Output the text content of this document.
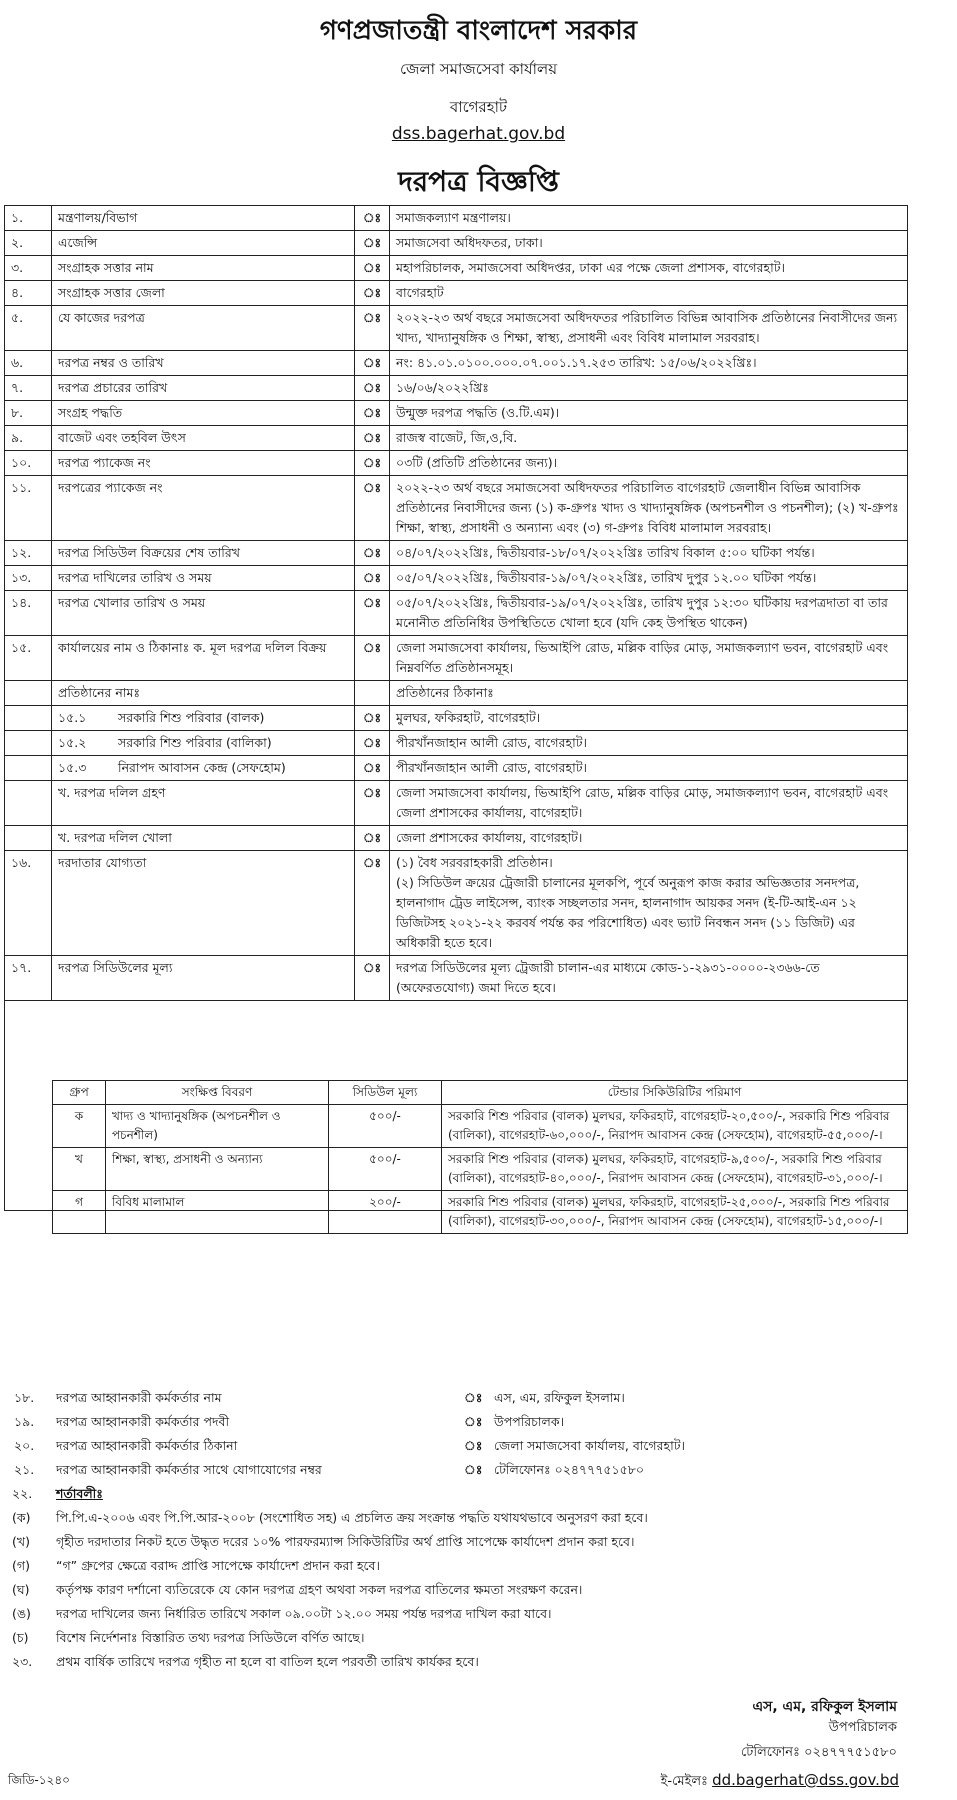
গণপ্রজাতন্ত্রী বাংলাদেশ সরকার
জেলা সমাজসেবা কার্যালয়
বাগেরহাট
dss.bagerhat.gov.bd
দরপত্র বিজ্ঞপ্তি
১.	মন্ত্রণালয়/বিভাগ	ঃ	সমাজকল্যাণ মন্ত্রণালয়।
২.	এজেন্সি	ঃ	সমাজসেবা অধিদফতর, ঢাকা।
৩.	সংগ্রাহক সত্তার নাম	ঃ	মহাপরিচালক, সমাজসেবা অধিদপ্তর, ঢাকা এর পক্ষে জেলা প্রশাসক, বাগেরহাট।
৪.	সংগ্রাহক সত্তার জেলা	ঃ	বাগেরহাট
৫.	যে কাজের দরপত্র	ঃ	২০২২-২৩ অর্থ বছরে সমাজসেবা অধিদফতর পরিচালিত বিভিন্ন আবাসিক প্রতিষ্ঠানের নিবাসীদের জন্য খাদ্য, খাদ্যানুষঙ্গিক ও শিক্ষা, স্বাস্থ্য, প্রসাধনী এবং বিবিধ মালামাল সরবরাহ।
৬.	দরপত্র নম্বর ও তারিখ	ঃ	নং: ৪১.০১.০১০০.০০০.০৭.০০১.১৭.২৫৩ তারিখ: ১৫/০৬/২০২২খ্রিঃ।
৭.	দরপত্র প্রচারের তারিখ	ঃ	১৬/০৬/২০২২খ্রিঃ
৮.	সংগ্রহ পদ্ধতি	ঃ	উন্মুক্ত দরপত্র পদ্ধতি (ও.টি.এম)।
৯.	বাজেট এবং তহবিল উৎস	ঃ	রাজস্ব বাজেট, জি,ও,বি.
১০.	দরপত্র প্যাকেজ নং	ঃ	০৩টি (প্রতিটি প্রতিষ্ঠানের জন্য)।
১১.	দরপত্রের প্যাকেজ নং	ঃ	২০২২-২৩ অর্থ বছরে সমাজসেবা অধিদফতর পরিচালিত বাগেরহাট জেলাধীন বিভিন্ন আবাসিক প্রতিষ্ঠানের নিবাসীদের জন্য (১) ক-গ্রুপঃ খাদ্য ও খাদ্যানুষঙ্গিক (অপচনশীল ও পচনশীল); (২) খ-গ্রুপঃ শিক্ষা, স্বাস্থ্য, প্রসাধনী ও অন্যান্য এবং (৩) গ-গ্রুপঃ বিবিধ মালামাল সরবরাহ।
১২.	দরপত্র সিডিউল বিক্রয়ের শেষ তারিখ	ঃ	০৪/০৭/২০২২খ্রিঃ, দ্বিতীয়বার-১৮/০৭/২০২২খ্রিঃ তারিখ বিকাল ৫:০০ ঘটিকা পর্যন্ত।
১৩.	দরপত্র দাখিলের তারিখ ও সময়	ঃ	০৫/০৭/২০২২খ্রিঃ, দ্বিতীয়বার-১৯/০৭/২০২২খ্রিঃ, তারিখ দুপুর ১২.০০ ঘটিকা পর্যন্ত।
১৪.	দরপত্র খোলার তারিখ ও সময়	ঃ	০৫/০৭/২০২২খ্রিঃ, দ্বিতীয়বার-১৯/০৭/২০২২খ্রিঃ, তারিখ দুপুর ১২:৩০ ঘটিকায় দরপত্রদাতা বা তার মনোনীত প্রতিনিধির উপস্থিতিতে খোলা হবে (যদি কেহ উপস্থিত থাকেন)
১৫.	কার্যালয়ের নাম ও ঠিকানাঃ ক. মূল দরপত্র দলিল বিক্রয়	ঃ	জেলা সমাজসেবা কার্যালয়, ভিআইপি রোড, মল্লিক বাড়ির মোড়, সমাজকল্যাণ ভবন, বাগেরহাট এবং নিম্নবর্ণিত প্রতিষ্ঠানসমূহ।
	প্রতিষ্ঠানের নামঃ		প্রতিষ্ঠানের ঠিকানাঃ
	১৫.১ সরকারি শিশু পরিবার (বালক)	ঃ	মুলঘর, ফকিরহাট, বাগেরহাট।
	১৫.২ সরকারি শিশু পরিবার (বালিকা)	ঃ	পীরখাঁনজাহান আলী রোড, বাগেরহাট।
	১৫.৩ নিরাপদ আবাসন কেন্দ্র (সেফহোম)	ঃ	পীরখাঁনজাহান আলী রোড, বাগেরহাট।
	খ. দরপত্র দলিল গ্রহণ	ঃ	জেলা সমাজসেবা কার্যালয়, ভিআইপি রোড, মল্লিক বাড়ির মোড়, সমাজকল্যাণ ভবন, বাগেরহাট এবং জেলা প্রশাসকের কার্যালয়, বাগেরহাট।
	খ. দরপত্র দলিল খোলা	ঃ	জেলা প্রশাসকের কার্যালয়, বাগেরহাট।
১৬.	দরদাতার যোগ্যতা	ঃ	(১) বৈধ সরবরাহকারী প্রতিষ্ঠান।
(২) সিডিউল ক্রয়ের ট্রেজারী চালানের মূলকপি, পূর্বে অনুরূপ কাজ করার অভিজ্ঞতার সনদপত্র, হালনাগাদ ট্রেড লাইসেন্স, ব্যাংক সচ্ছলতার সনদ, হালনাগাদ আয়কর সনদ (ই-টি-আই-এন ১২ ডিজিটসহ ২০২১-২২ করবর্ষ পর্যন্ত কর পরিশোধিত) এবং ভ্যাট নিবন্ধন সনদ (১১ ডিজিট) এর অধিকারী হতে হবে।

১৭.	দরপত্র সিডিউলের মূল্য	ঃ	দরপত্র সিডিউলের মূল্য ট্রেজারী চালান-এর মাধ্যমে কোড-১-২৯৩১-০০০০-২৩৬৬-তে (অফেরতযোগ্য) জমা দিতে হবে।

গ্রুপ	সংক্ষিপ্ত বিবরণ	সিডিউল মূল্য	টেন্ডার সিকিউরিটির পরিমাণ
ক	খাদ্য ও খাদ্যানুষঙ্গিক (অপচনশীল ও পচনশীল)	৫০০/-	সরকারি শিশু পরিবার (বালক) মুলঘর, ফকিরহাট, বাগেরহাট-২০,৫০০/-, সরকারি শিশু পরিবার (বালিকা), বাগেরহাট-৬০,০০০/-, নিরাপদ আবাসন কেন্দ্র (সেফহোম), বাগেরহাট-৫৫,০০০/-।
খ	শিক্ষা, স্বাস্থ্য, প্রসাধনী ও অন্যান্য	৫০০/-	সরকারি শিশু পরিবার (বালক) মুলঘর, ফকিরহাট, বাগেরহাট-৯,৫০০/-, সরকারি শিশু পরিবার (বালিকা), বাগেরহাট-৪০,০০০/-, নিরাপদ আবাসন কেন্দ্র (সেফহোম), বাগেরহাট-৩১,০০০/-।
গ	বিবিধ মালামাল	২০০/-	সরকারি শিশু পরিবার (বালক) মুলঘর, ফকিরহাট, বাগেরহাট-২৫,০০০/-, সরকারি শিশু পরিবার (বালিকা), বাগেরহাট-৩০,০০০/-, নিরাপদ আবাসন কেন্দ্র (সেফহোম), বাগেরহাট-১৫,০০০/-।
১৮. দরপত্র আহ্বানকারী কর্মকর্তার নাম	ঃ এস, এম, রফিকুল ইসলাম।
১৯. দরপত্র আহ্বানকারী কর্মকর্তার পদবী	ঃ উপপরিচালক।
২০. দরপত্র আহ্বানকারী কর্মকর্তার ঠিকানা	ঃ জেলা সমাজসেবা কার্যালয়, বাগেরহাট।
২১. দরপত্র আহ্বানকারী কর্মকর্তার সাথে যোগাযোগের নম্বর	ঃ টেলিফোনঃ ০২৪৭৭৭৫১৫৮০
২২. শর্তাবলীঃ
(ক) পি.পি.এ-২০০৬ এবং পি.পি.আর-২০০৮ (সংশোধিত সহ) এ প্রচলিত ক্রয় সংক্রান্ত পদ্ধতি যথাযথভাবে অনুসরণ করা হবে।
(খ) গৃহীত দরদাতার নিকট হতে উদ্ধৃত দরের ১০% পারফরম্যান্স সিকিউরিটির অর্থ প্রাপ্তি সাপেক্ষে কার্যাদেশ প্রদান করা হবে।
(গ) “গ” গ্রুপের ক্ষেত্রে বরাদ্দ প্রাপ্তি সাপেক্ষে কার্যাদেশ প্রদান করা হবে।
(ঘ) কর্তৃপক্ষ কারণ দর্শানো ব্যতিরেকে যে কোন দরপত্র গ্রহণ অথবা সকল দরপত্র বাতিলের ক্ষমতা সংরক্ষণ করেন।
(ঙ) দরপত্র দাখিলের জন্য নির্ধারিত তারিখে সকাল ০৯.০০টা ১২.০০ সময় পর্যন্ত দরপত্র দাখিল করা যাবে।
(চ) বিশেষ নির্দেশনাঃ বিস্তারিত তথ্য দরপত্র সিডিউলে বর্ণিত আছে।
২৩. প্রথম বার্ষিক তারিখে দরপত্র গৃহীত না হলে বা বাতিল হলে পরবর্তী তারিখ কার্যকর হবে।
এস, এম, রফিকুল ইসলাম
উপপরিচালক
টেলিফোনঃ ০২৪৭৭৭৫১৫৮০
ই-মেইলঃ dd.bagerhat@dss.gov.bd
জিডি-১২৪০
